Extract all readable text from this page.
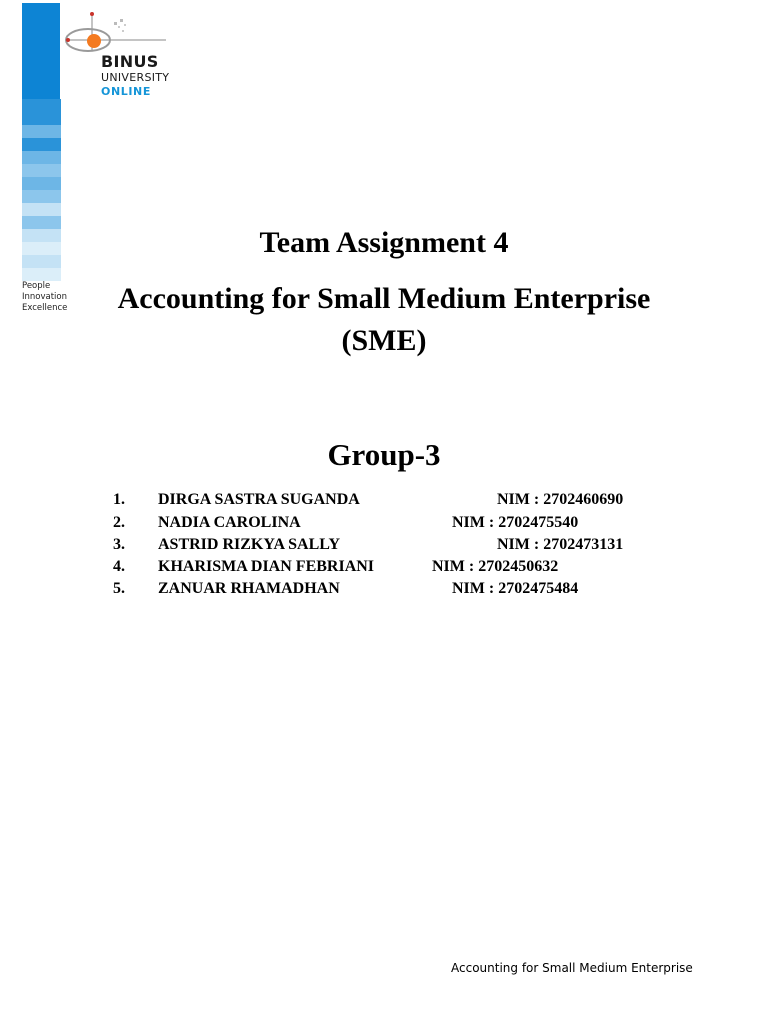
People
Innovation
Excellence
BINUS
UNIVERSITY
ONLINE
Team Assignment 4
Accounting for Small Medium Enterprise
(SME)
Group-3
1. DIRGA SASTRA SUGANDA	NIM : 2702460690
2. NADIA CAROLINA	NIM : 2702475540
3. ASTRID RIZKYA SALLY	NIM : 2702473131
4. KHARISMA DIAN FEBRIANI	NIM : 2702450632
5. ZANUAR RHAMADHAN	NIM : 2702475484
Accounting for Small Medium Enterprise
